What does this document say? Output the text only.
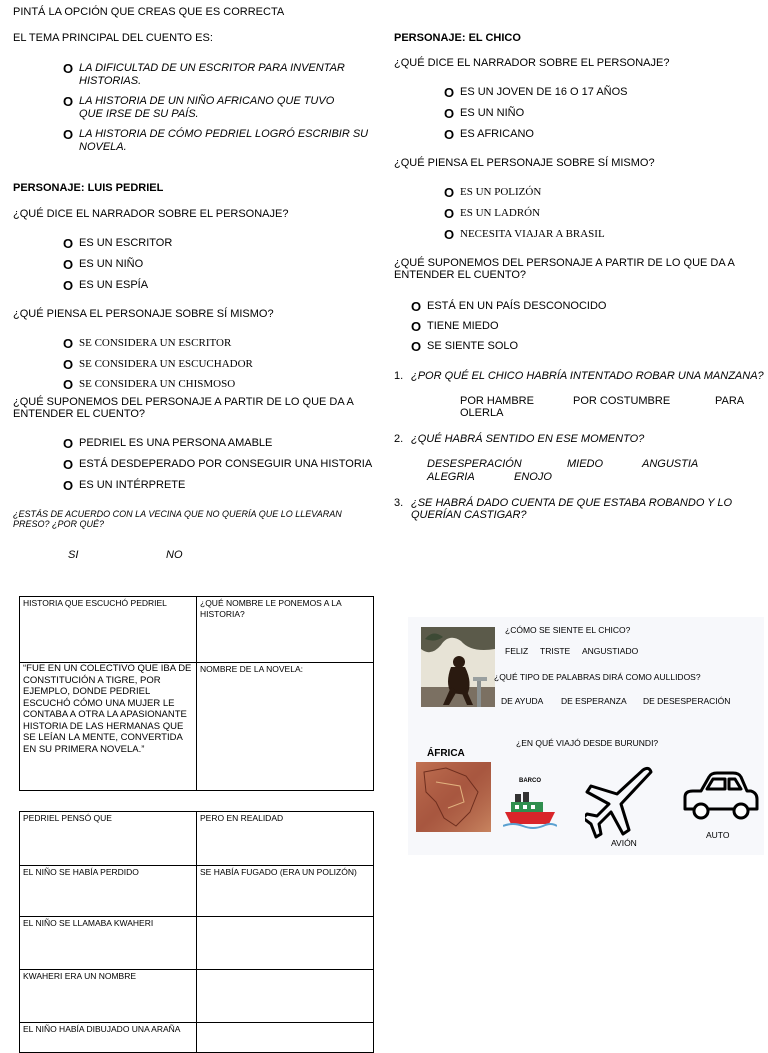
PINTÁ LA OPCIÓN QUE CREAS QUE ES CORRECTA
EL TEMA PRINCIPAL DEL CUENTO ES:
O LA DIFICULTAD DE UN ESCRITOR PARA INVENTAR HISTORIAS.
O LA HISTORIA DE UN NIÑO AFRICANO QUE TUVO QUE IRSE DE SU PAÍS.
O LA HISTORIA DE CÓMO PEDRIEL LOGRÓ ESCRIBIR SU NOVELA.
PERSONAJE: LUIS PEDRIEL
¿QUÉ DICE EL NARRADOR SOBRE EL PERSONAJE?
O ES UN ESCRITOR
O ES UN NIÑO
O ES UN ESPÍA
¿QUÉ PIENSA EL PERSONAJE SOBRE SÍ MISMO?
O SE CONSIDERA UN ESCRITOR
O SE CONSIDERA UN ESCUCHADOR
O SE CONSIDERA UN CHISMOSO
¿QUÉ SUPONEMOS DEL PERSONAJE A PARTIR DE LO QUE DA A ENTENDER EL CUENTO?
O PEDRIEL ES UNA PERSONA AMABLE
O ESTÁ DESDEPERADO POR CONSEGUIR UNA HISTORIA
O ES UN INTÉRPRETE
¿ESTÁS DE ACUERDO CON LA VECINA QUE NO QUERÍA QUE LO LLEVARAN PRESO? ¿POR QUÉ?
SI	NO
PERSONAJE: EL CHICO
¿QUÉ DICE EL NARRADOR SOBRE EL PERSONAJE?
O ES UN JOVEN DE 16 O 17 AÑOS
O ES UN NIÑO
O ES AFRICANO
¿QUÉ PIENSA EL PERSONAJE SOBRE SÍ MISMO?
O ES UN POLIZÓN
O ES UN LADRÓN
O NECESITA VIAJAR A BRASIL
¿QUÉ SUPONEMOS DEL PERSONAJE A PARTIR DE LO QUE DA A ENTENDER EL CUENTO?
O ESTÁ EN UN PAÍS DESCONOCIDO
O TIENE MIEDO
O SE SIENTE SOLO
1. ¿POR QUÉ EL CHICO HABRÍA INTENTADO ROBAR UNA MANZANA?
POR HAMBRE	POR COSTUMBRE	PARA
OLERLA
2. ¿QUÉ HABRÁ SENTIDO EN ESE MOMENTO?
DESESPERACIÓN	MIEDO	ANGUSTIA
ALEGRIA	ENOJO
3. ¿SE HABRÁ DADO CUENTA DE QUE ESTABA ROBANDO Y LO QUERÍAN CASTIGAR?
HISTORIA QUE ESCUCHÓ PEDRIEL	¿QUÉ NOMBRE LE PONEMOS A LA HISTORIA?
“FUE EN UN COLECTIVO QUE IBA DE CONSTITUCIÓN A TIGRE, POR EJEMPLO, DONDE PEDRIEL ESCUCHÓ CÓMO UNA MUJER LE CONTABA A OTRA LA APASIONANTE HISTORIA DE LAS HERMANAS QUE SE LEÍAN LA MENTE, CONVERTIDA EN SU PRIMERA NOVELA.”	NOMBRE DE LA NOVELA:
PEDRIEL PENSÓ QUE	PERO EN REALIDAD
EL NIÑO SE HABÍA PERDIDO	SE HABÍA FUGADO (ERA UN POLIZÓN)
EL NIÑO SE LLAMABA KWAHERI	
KWAHERI ERA UN NOMBRE	
EL NIÑO HABÍA DIBUJADO UNA ARAÑA	
¿CÓMO SE SIENTE EL CHICO?
FELIZ TRISTE ANGUSTIADO
¿QUÉ TIPO DE PALABRAS DIRÁ COMO AULLIDOS?
DE AYUDA DE ESPERANZA DE DESESPERACIÓN
ÁFRICA
¿EN QUÉ VIAJÓ DESDE BURUNDI?
BARCO
AVIÓN
AUTO
